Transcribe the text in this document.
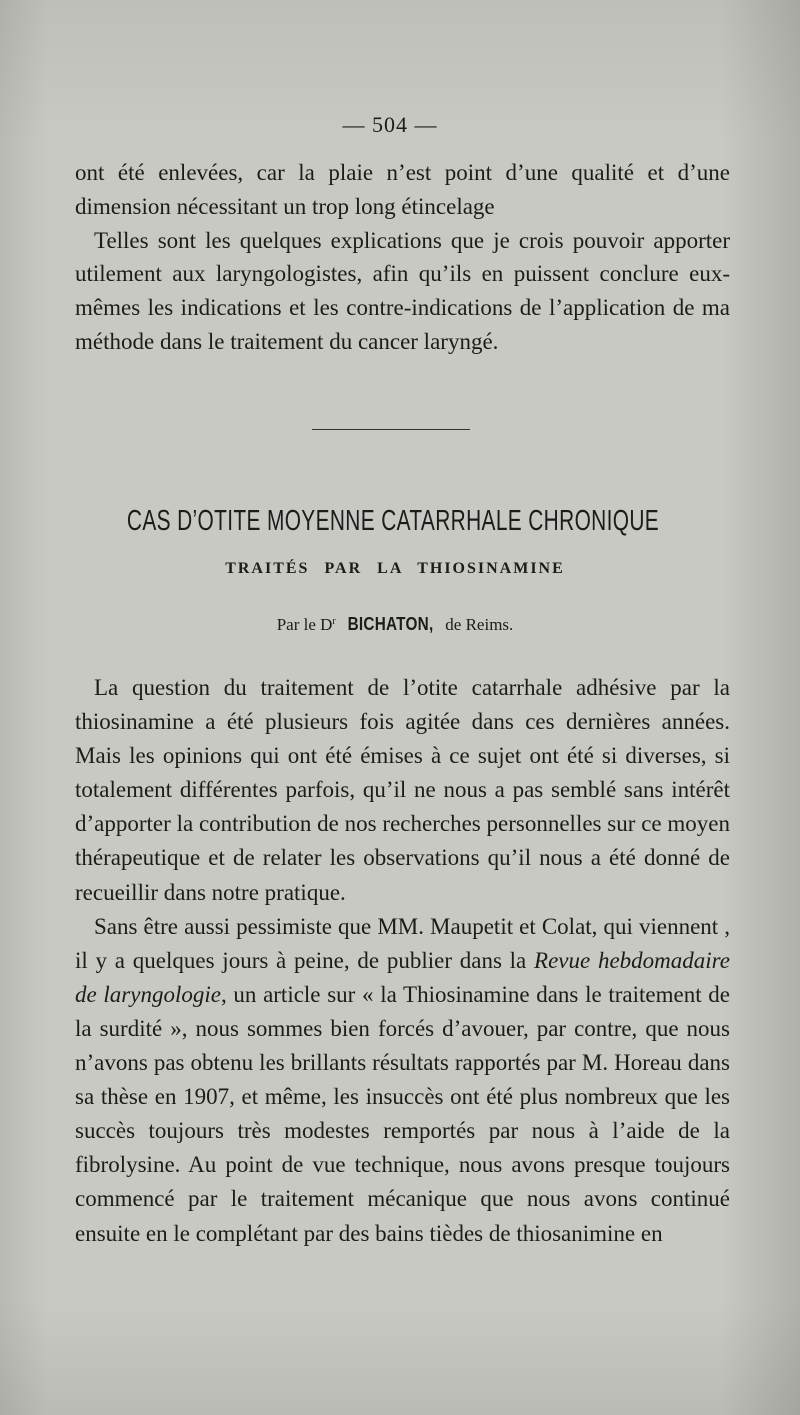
— 504 —

ont été enlevées, car la plaie n’est point d’une qualité et d’une dimension nécessitant un trop long étincelage

Telles sont les quelques explications que je crois pouvoir apporter utilement aux laryngologistes, afin qu’ils en puissent conclure eux-mêmes les indications et les contre-indications de l’application de ma méthode dans le traitement du cancer laryngé.

CAS D’OTITE MOYENNE CATARRHALE CHRONIQUE
TRAITÉS PAR LA THIOSINAMINE
Par le $D^r$ BICHATON, de Reims.

La question du traitement de l’otite catarrhale adhésive par la thiosinamine a été plusieurs fois agitée dans ces dernières années. Mais les opinions qui ont été émises à ce sujet ont été si diverses, si totalement différentes parfois, qu’il ne nous a pas semblé sans intérêt d’apporter la contribution de nos recherches personnelles sur ce moyen thérapeutique et de relater les observations qu’il nous a été donné de recueillir dans notre pratique.

Sans être aussi pessimiste que MM. Maupetit et Colat, qui viennent , il y a quelques jours à peine, de publier dans la Revue hebdomadaire de laryngologie, un article sur « la Thiosinamine dans le traitement de la surdité », nous sommes bien forcés d’avouer, par contre, que nous n’avons pas obtenu les brillants résultats rapportés par M. Horeau dans sa thèse en 1907, et même, les insuccès ont été plus nombreux que les succès toujours très modestes remportés par nous à l’aide de la fibrolysine. Au point de vue technique, nous avons presque toujours commencé par le traitement mécanique que nous avons continué ensuite en le complétant par des bains tièdes de thiosanimine en
